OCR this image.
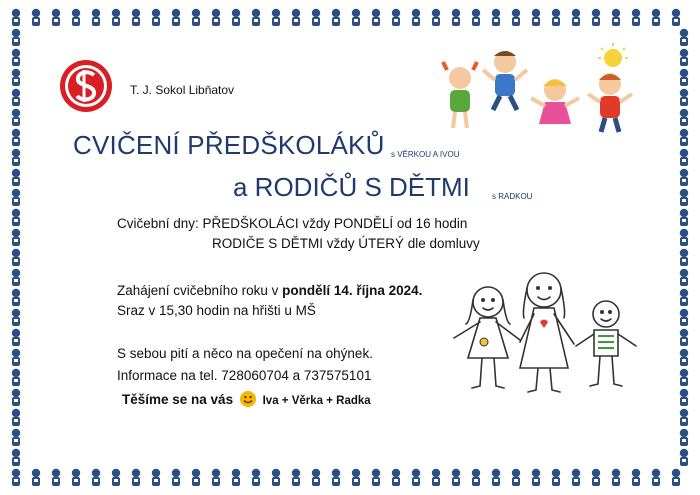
T. J. Sokol Libňatov
CVIČENÍ PŘEDŠKOLÁKŮ s VĚRKOU A IVOU
a RODIČŮ S DĚTMI	s RADKOU
Cvičební dny: PŘEDŠKOLÁCI vždy PONDĚLÍ od 16 hodin
RODIČE S DĚTMI vždy ÚTERÝ dle domluvy
Zahájení cvičebního roku v pondělí 14. října 2024.
Sraz v 15,30 hodin na hřišti u MŠ
S sebou pití a něco na opečení na ohýnek.
Informace na tel. 728060704 a 737575101
Těšíme se na vás	Iva + Věrka + Radka
